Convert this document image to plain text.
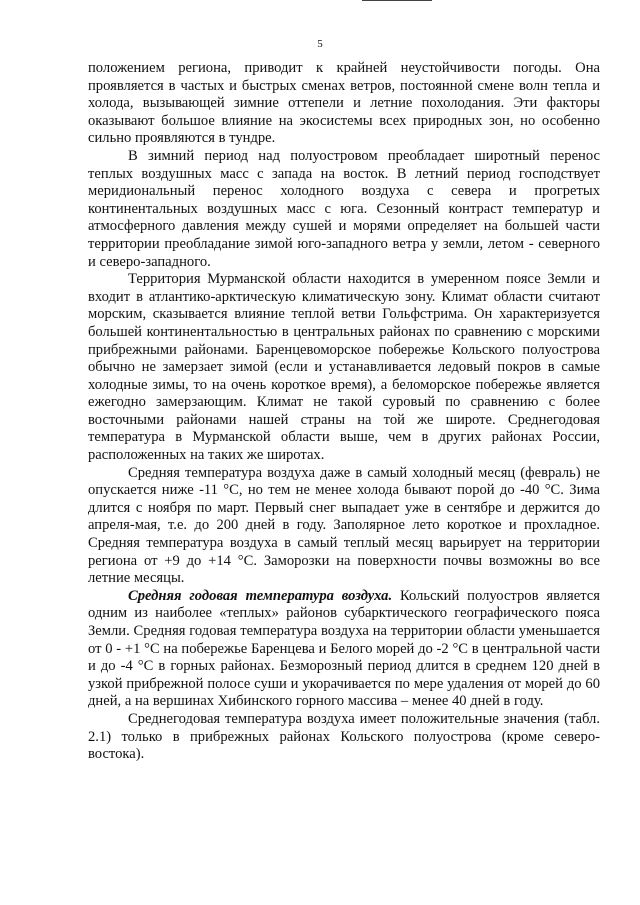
5

положением региона, приводит к крайней неустойчивости погоды. Она проявляется в частых и быстрых сменах ветров, постоянной смене волн тепла и холода, вызывающей зимние оттепели и летние похолодания. Эти факторы оказывают большое влияние на экосистемы всех природных зон, но особенно сильно проявляются в тундре.

В зимний период над полуостровом преобладает широтный перенос теплых воздушных масс с запада на восток. В летний период господствует меридиональный перенос холодного воздуха с севера и прогретых континентальных воздушных масс с юга. Сезонный контраст температур и атмосферного давления между сушей и морями определяет на большей части территории преобладание зимой юго-западного ветра у земли, летом - северного и северо-западного.

Территория Мурманской области находится в умеренном поясе Земли и входит в атлантико-арктическую климатическую зону. Климат области считают морским, сказывается влияние теплой ветви Гольфстрима. Он характеризуется большей континентальностью в центральных районах по сравнению с морскими прибрежными районами. Баренцевоморское побережье Кольского полуострова обычно не замерзает зимой (если и устанавливается ледовый покров в самые холодные зимы, то на очень короткое время), а беломорское побережье является ежегодно замерзающим. Климат не такой суровый по сравнению с более восточными районами нашей страны на той же широте. Среднегодовая температура в Мурманской области выше, чем в других районах России, расположенных на таких же широтах.

Средняя температура воздуха даже в самый холодный месяц (февраль) не опускается ниже -11 °С, но тем не менее холода бывают порой до -40 °С. Зима длится с ноября по март. Первый снег выпадает уже в сентябре и держится до апреля-мая, т.е. до 200 дней в году. Заполярное лето короткое и прохладное. Средняя температура воздуха в самый теплый месяц варьирует на территории региона от +9 до +14 °С. Заморозки на поверхности почвы возможны во все летние месяцы.

Средняя годовая температура воздуха. Кольский полуостров является одним из наиболее «теплых» районов субарктического географического пояса Земли. Средняя годовая температура воздуха на территории области уменьшается от 0 - +1 °С на побережье Баренцева и Белого морей до -2 °С в центральной части и до -4 °С в горных районах. Безморозный период длится в среднем 120 дней в узкой прибрежной полосе суши и укорачивается по мере удаления от морей до 60 дней, а на вершинах Хибинского горного массива – менее 40 дней в году.

Среднегодовая температура воздуха имеет положительные значения (табл. 2.1) только в прибрежных районах Кольского полуострова (кроме северо-востока).
